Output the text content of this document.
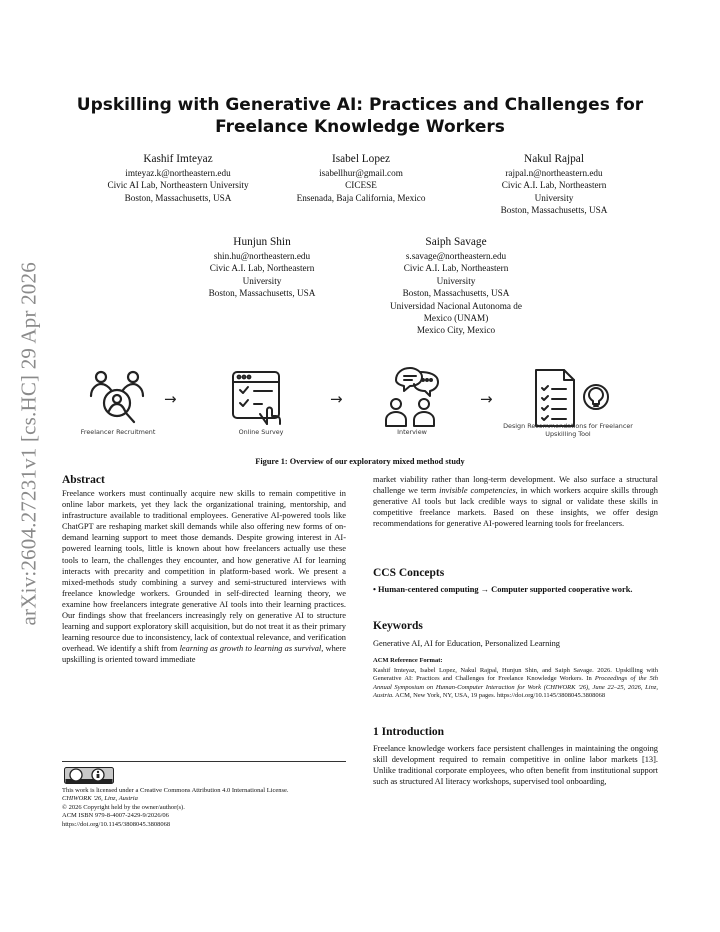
arXiv:2604.27231v1 [cs.HC] 29 Apr 2026
Upskilling with Generative AI: Practices and Challenges for
Freelance Knowledge Workers
Kashif Imteyaz
imteyaz.k@northeastern.edu
Civic AI Lab, Northeastern University
Boston, Massachusetts, USA
Isabel Lopez
isabellhur@gmail.com
CICESE
Ensenada, Baja California, Mexico
Nakul Rajpal
rajpal.n@northeastern.edu
Civic A.I. Lab, Northeastern
University
Boston, Massachusetts, USA
Hunjun Shin
shin.hu@northeastern.edu
Civic A.I. Lab, Northeastern
University
Boston, Massachusetts, USA
Saiph Savage
s.savage@northeastern.edu
Civic A.I. Lab, Northeastern
University
Boston, Massachusetts, USA
Universidad Nacional Autonoma de
Mexico (UNAM)
Mexico City, Mexico
→	→	→
Freelancer Recruitment	Online Survey	Interview
Design Recommendations for Freelancer Upskilling Tool
Figure 1: Overview of our exploratory mixed method study
Abstract
Freelance workers must continually acquire new skills to remain competitive in online labor markets, yet they lack the organizational training, mentorship, and infrastructure available to traditional employees. Generative AI-powered tools like ChatGPT are reshaping market skill demands while also offering new forms of on-demand learning support to meet those demands. Despite growing interest in AI-powered learning tools, little is known about how freelancers actually use these tools to learn, the challenges they encounter, and how generative AI for learning interacts with precarity and competition in platform-based work. We present a mixed-methods study combining a survey and semi-structured interviews with freelance knowledge workers. Grounded in self-directed learning theory, we examine how freelancers integrate generative AI tools into their learning practices. Our findings show that freelancers increasingly rely on generative AI to structure learning and support exploratory skill acquisition, but do not treat it as their primary learning resource due to inconsistency, lack of contextual relevance, and verification overhead. We identify a shift from learning as growth to learning as survival, where upskilling is oriented toward immediate
This work is licensed under a Creative Commons Attribution 4.0 International License.
CHIWORK '26, Linz, Austria
© 2026 Copyright held by the owner/author(s).
ACM ISBN 979-8-4007-2429-9/2026/06
https://doi.org/10.1145/3808045.3808068
market viability rather than long-term development. We also surface a structural challenge we term invisible competencies, in which workers acquire skills through generative AI tools but lack credible ways to signal or validate these skills in competitive freelance markets. Based on these insights, we offer design recommendations for generative AI-powered learning tools for freelancers.
CCS Concepts
• Human-centered computing → Computer supported cooperative work.
Keywords
Generative AI, AI for Education, Personalized Learning
ACM Reference Format:
Kashif Imteyaz, Isabel Lopez, Nakul Rajpal, Hunjun Shin, and Saiph Savage. 2026. Upskilling with Generative AI: Practices and Challenges for Freelance Knowledge Workers. In Proceedings of the 5th Annual Symposium on Human-Computer Interaction for Work (CHIWORK '26), June 22–25, 2026, Linz, Austria. ACM, New York, NY, USA, 19 pages. https://doi.org/10.1145/3808045.3808068
1 Introduction
Freelance knowledge workers face persistent challenges in maintaining the ongoing skill development required to remain competitive in online labor markets [13]. Unlike traditional corporate employees, who often benefit from institutional support such as structured AI literacy workshops, supervised tool onboarding,
